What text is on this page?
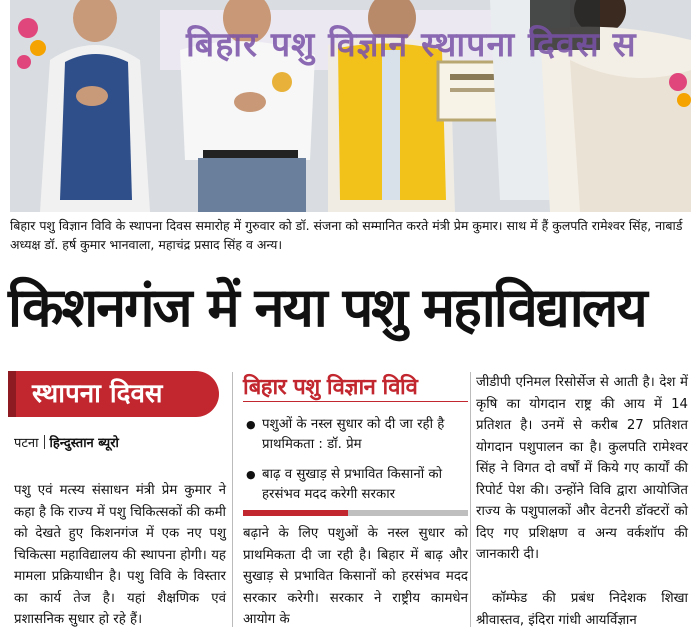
बिहार पशु विज्ञान स्थापना दिवस स

बिहार पशु विज्ञान विवि के स्थापना दिवस समारोह में गुरुवार को डॉ. संजना को सम्मानित करते मंत्री प्रेम कुमार। साथ में हैं कुलपति रामेश्वर सिंह, नाबार्ड अध्यक्ष डॉ. हर्ष कुमार भानवाला, महाचंद्र प्रसाद सिंह व अन्य।

किशनगंज में नया पशु महाविद्यालय
स्थापना दिवस
पटना हिन्दुस्तान ब्यूरो

पशु एवं मत्स्य संसाधन मंत्री प्रेम कुमार ने कहा है कि राज्य में पशु चिकित्सकों की कमी को देखते हुए किशनगंज में एक नए पशु चिकित्सा महाविद्यालय की स्थापना होगी। यह मामला प्रक्रियाधीन है। पशु विवि के विस्तार का कार्य तेज है। यहां शैक्षणिक एवं प्रशासनिक सुधार हो रहे हैं।

बिहार पशु विज्ञान विवि

● पशुओं के नस्ल सुधार को दी जा रही है प्राथमिकता : डॉ. प्रेम

● बाढ़ व सुखाड़ से प्रभावित किसानों को हरसंभव मदद करेगी सरकार

बढ़ाने के लिए पशुओं के नस्ल सुधार को प्राथमिकता दी जा रही है। बिहार में बाढ़ और सुखाड़ से प्रभावित किसानों को हरसंभव मदद सरकार करेगी। सरकार ने राष्ट्रीय कामधेन आयोग के

जीडीपी एनिमल रिसोर्सेज से आती है। देश में कृषि का योगदान राष्ट्र की आय में 14 प्रतिशत है। उनमें से करीब 27 प्रतिशत योगदान पशुपालन का है। कुलपति रामेश्वर सिंह ने विगत दो वर्षों में किये गए कार्यों की रिपोर्ट पेश की। उन्होंने विवि द्वारा आयोजित राज्य के पशुपालकों और वेटनरी डॉक्टरों को दिए गए प्रशिक्षण व अन्य वर्कशॉप की जानकारी दी।

कॉम्फेड की प्रबंध निदेशक शिखा श्रीवास्तव, इंदिरा गांधी आयर्विज्ञान
